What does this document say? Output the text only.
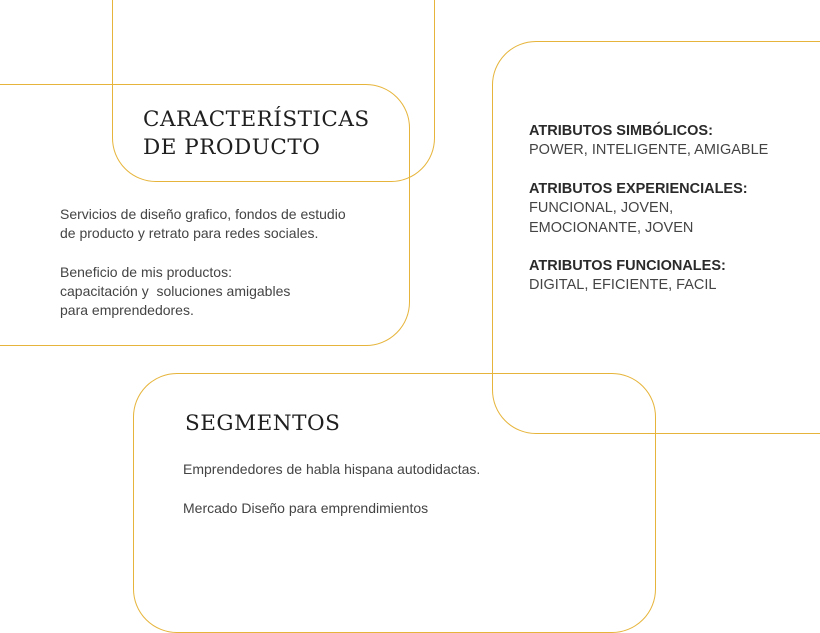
CARACTERÍSTICAS
DE PRODUCTO

Servicios de diseño grafico, fondos de estudio
de producto y retrato para redes sociales.

Beneficio de mis productos:

capacitación y  soluciones amigables
para emprendedores.

ATRIBUTOS SIMBÓLICOS:
POWER, INTELIGENTE, AMIGABLE
ATRIBUTOS EXPERIENCIALES:
FUNCIONAL, JOVEN,
EMOCIONANTE, JOVEN
ATRIBUTOS FUNCIONALES:
DIGITAL, EFICIENTE, FACIL
SEGMENTOS

Emprendedores de habla hispana autodidactas.

Mercado Diseño para emprendimientos
